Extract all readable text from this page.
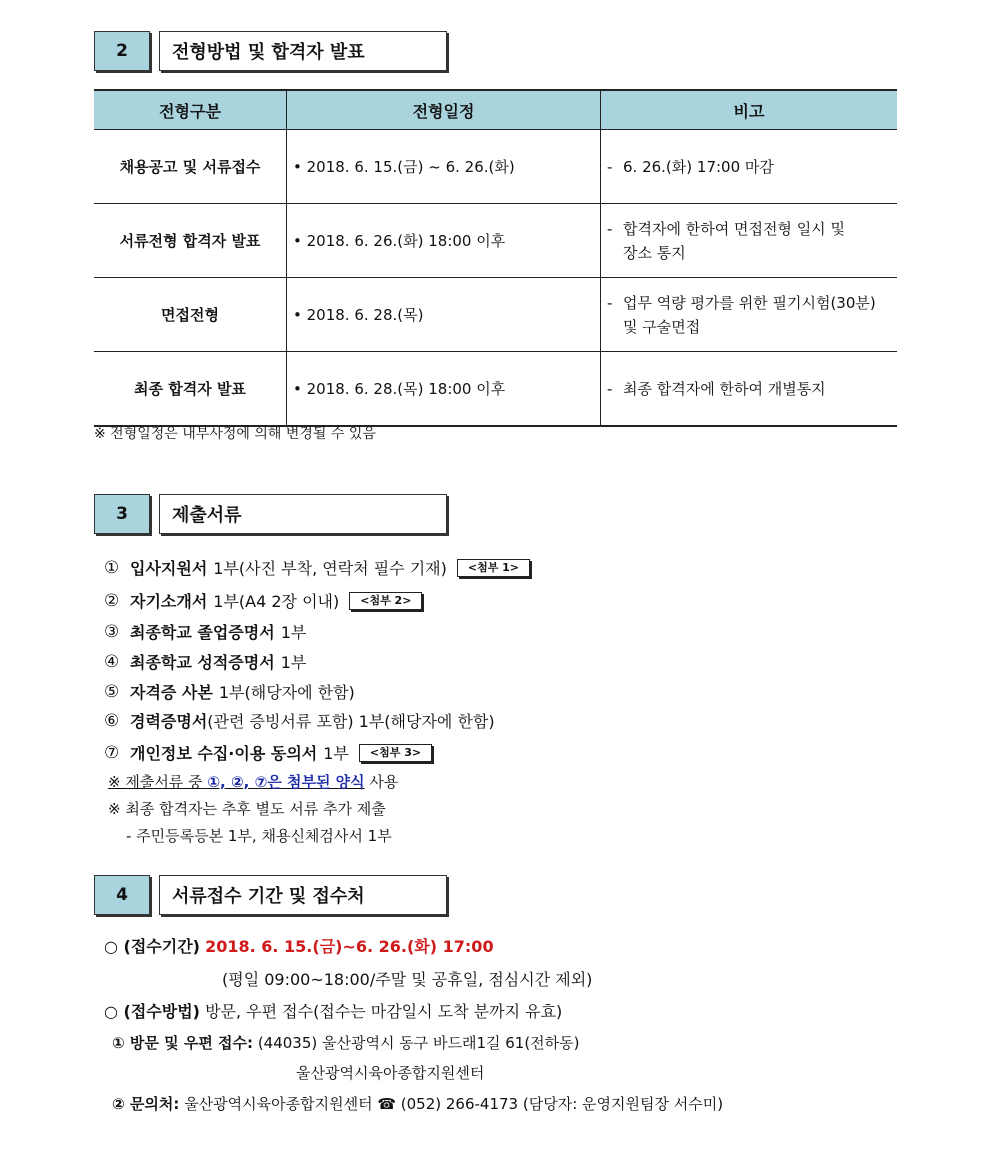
2	전형방법 및 합격자 발표
전형구분	전형일정	비고
채용공고 및 서류접수	• 2018. 6. 15.(금) ~ 6. 26.(화)	- 6. 26.(화) 17:00 마감

서류전형 합격자 발표	• 2018. 6. 26.(화) 18:00 이후	- 합격자에 한하여 면접전형 일시 및
장소 통지

면접전형	• 2018. 6. 28.(목)	- 업무 역량 평가를 위한 필기시험(30분)
및 구술면접

최종 합격자 발표	• 2018. 6. 28.(목) 18:00 이후	- 최종 합격자에 한하여 개별통지
※ 전형일정은 내부사정에 의해 변경될 수 있음
3	제출서류
① 입사지원서 1부(사진 부착, 연락처 필수 기재)	<첨부 1>
② 자기소개서 1부(A4 2장 이내)	<첨부 2>
③ 최종학교 졸업증명서 1부
④ 최종학교 성적증명서 1부
⑤ 자격증 사본 1부(해당자에 한함)
⑥ 경력증명서 (관련 증빙서류 포함) 1부(해당자에 한함)
⑦ 개인정보 수집·이용 동의서 1부	<첨부 3>
※ 제출서류 중 ①, ②, ⑦은 첨부된 양식 사용
※ 최종 합격자는 추후 별도 서류 추가 제출
- 주민등록등본 1부, 채용신체검사서 1부
4	서류접수 기간 및 접수처
○ (접수기간) 2018. 6. 15.(금)~6. 26.(화) 17:00
(평일 09:00~18:00/주말 및 공휴일, 점심시간 제외)
○ (접수방법) 방문, 우편 접수(접수는 마감일시 도착 분까지 유효)
① 방문 및 우편 접수: (44035) 울산광역시 동구 바드래1길 61(전하동)
울산광역시육아종합지원센터
② 문의처: 울산광역시육아종합지원센터 ☎ (052) 266-4173 (담당자: 운영지원팀장 서수미)
